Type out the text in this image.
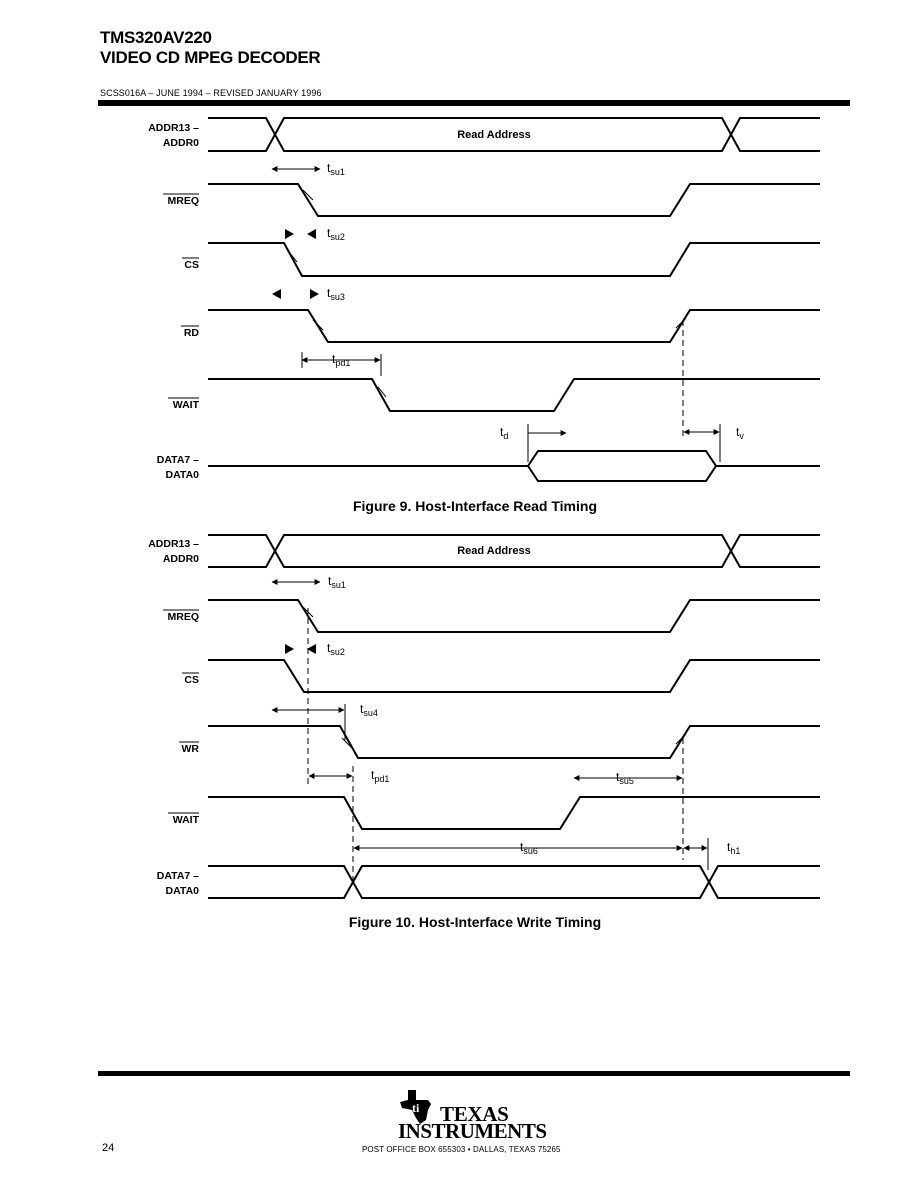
TMS320AV220
VIDEO CD MPEG DECODER
SCSS016A – JUNE 1994 – REVISED JANUARY 1996
ADDR13 –
ADDR0
Read Address
MREQ
CS
RD
WAIT
DATA7 –
DATA0
$t_{su1}$
$t_{su2}$
$t_{su3}$
$t_{pd1}$
$t_d$	$t_v$
Figure 9. Host-Interface Read Timing
ADDR13 –
ADDR0
Read Address
MREQ
CS
WR
WAIT
DATA7 –
DATA0
$t_{su1}$
$t_{su2}$
$t_{su4}$
$t_{pd1}$	$t_{su5}$
$t_{su6}$	$t_{h1}$
Figure 10. Host-Interface Write Timing
ti TEXAS
INSTRUMENTS
24	POST OFFICE BOX 655303 • DALLAS, TEXAS 75265
